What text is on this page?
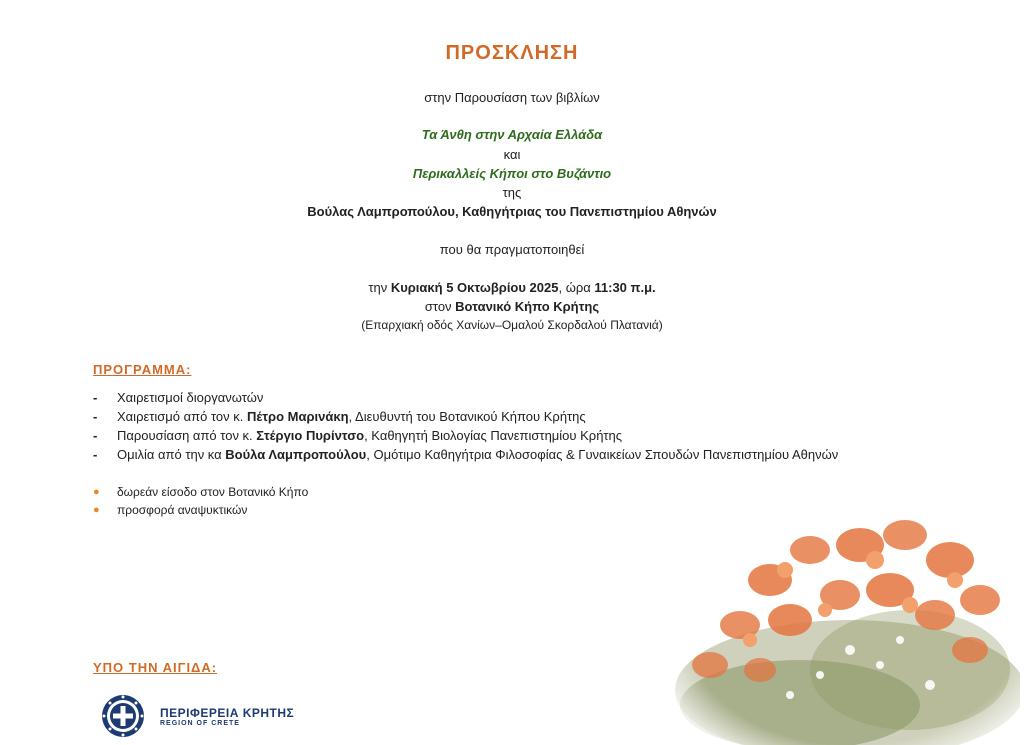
ΠΡΟΣΚΛΗΣΗ
στην Παρουσίαση των βιβλίων
Τα Άνθη στην Αρχαία Ελλάδα
και
Περικαλλείς Κήποι στο Βυζάντιο
της
Βούλας Λαμπροπούλου, Καθηγήτριας του Πανεπιστημίου Αθηνών
που θα πραγματοποιηθεί
την Κυριακή 5 Οκτωβρίου 2025, ώρα 11:30 π.μ.
στον Βοτανικό Κήπο Κρήτης
(Επαρχιακή οδός Χανίων–Ομαλού Σκορδαλού Πλατανιά)
ΠΡΟΓΡΑΜΜΑ:
-	Χαιρετισμοί διοργανωτών
-	Χαιρετισμό από τον κ. Πέτρο Μαρινάκη, Διευθυντή του Βοτανικού Κήπου Κρήτης
-	Παρουσίαση από τον κ. Στέργιο Πυρίντσο, Καθηγητή Βιολογίας Πανεπιστημίου Κρήτης
-	Ομιλία από την κα Βούλα Λαμπροπούλου, Ομότιμο Καθηγήτρια Φιλοσοφίας & Γυναικείων Σπουδών Πανεπιστημίου Αθηνών
●	δωρεάν είσοδο στον Βοτανικό Κήπο
●	προσφορά αναψυκτικών
ΥΠΟ ΤΗΝ ΑΙΓΙΔΑ:
ΠΕΡΙΦΕΡΕΙΑ ΚΡΗΤΗΣ
REGION OF CRETE
